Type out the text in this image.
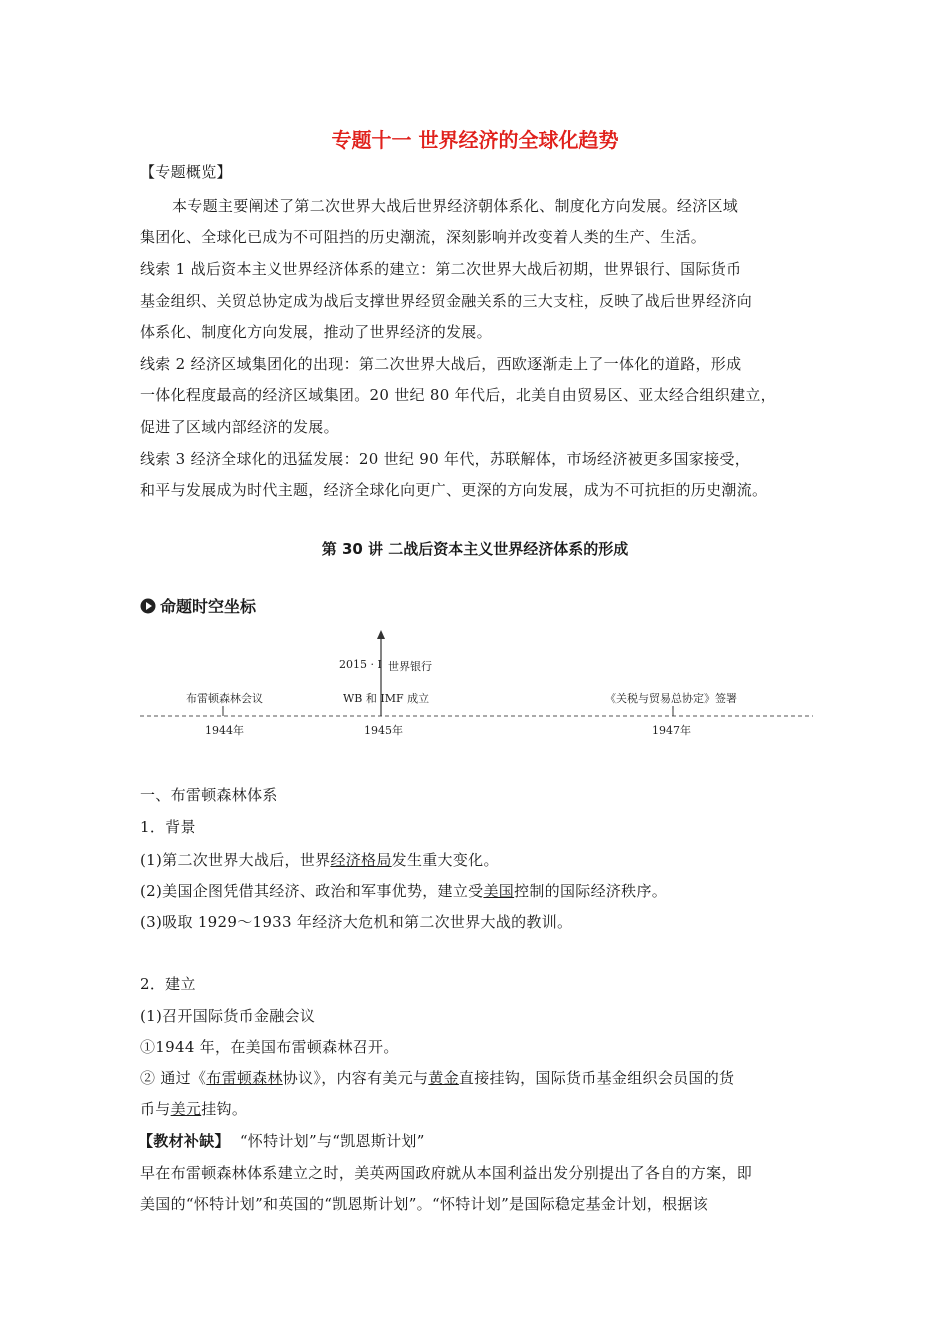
专题十一 世界经济的全球化趋势
【专题概览】
本专题主要阐述了第二次世界大战后世界经济朝体系化、制度化方向发展。经济区域
集团化、全球化已成为不可阻挡的历史潮流，深刻影响并改变着人类的生产、生活。
线索 1 战后资本主义世界经济体系的建立：第二次世界大战后初期，世界银行、国际货币
基金组织、关贸总协定成为战后支撑世界经贸金融关系的三大支柱，反映了战后世界经济向
体系化、制度化方向发展，推动了世界经济的发展。
线索 2 经济区域集团化的出现：第二次世界大战后，西欧逐渐走上了一体化的道路，形成
一体化程度最高的经济区域集团。20 世纪 80 年代后，北美自由贸易区、亚太经合组织建立，
促进了区域内部经济的发展。
线索 3 经济全球化的迅猛发展：20 世纪 90 年代，苏联解体，市场经济被更多国家接受，
和平与发展成为时代主题，经济全球化向更广、更深的方向发展，成为不可抗拒的历史潮流。
第 30 讲 二战后资本主义世界经济体系的形成
命题时空坐标
布雷顿森林会议	WB 和 IMF 成立	《关税与贸易总协定》签署
1944年	1945年	1947年
2015 · Ⅰ 世界银行
一、布雷顿森林体系
1．背景
(1)第二次世界大战后，世界经济格局发生重大变化。
(2)美国企图凭借其经济、政治和军事优势，建立受美国控制的国际经济秩序。
(3)吸取 1929～1933 年经济大危机和第二次世界大战的教训。
2．建立
(1)召开国际货币金融会议
①1944 年，在美国布雷顿森林召开。
② 通过《布雷顿森林协议》，内容有美元与黄金直接挂钩，国际货币基金组织会员国的货
币与美元挂钩。
【教材补缺】 “怀特计划”与“凯恩斯计划”
早在布雷顿森林体系建立之时，美英两国政府就从本国利益出发分别提出了各自的方案，即
美国的“怀特计划”和英国的“凯恩斯计划”。“怀特计划”是国际稳定基金计划，根据该
